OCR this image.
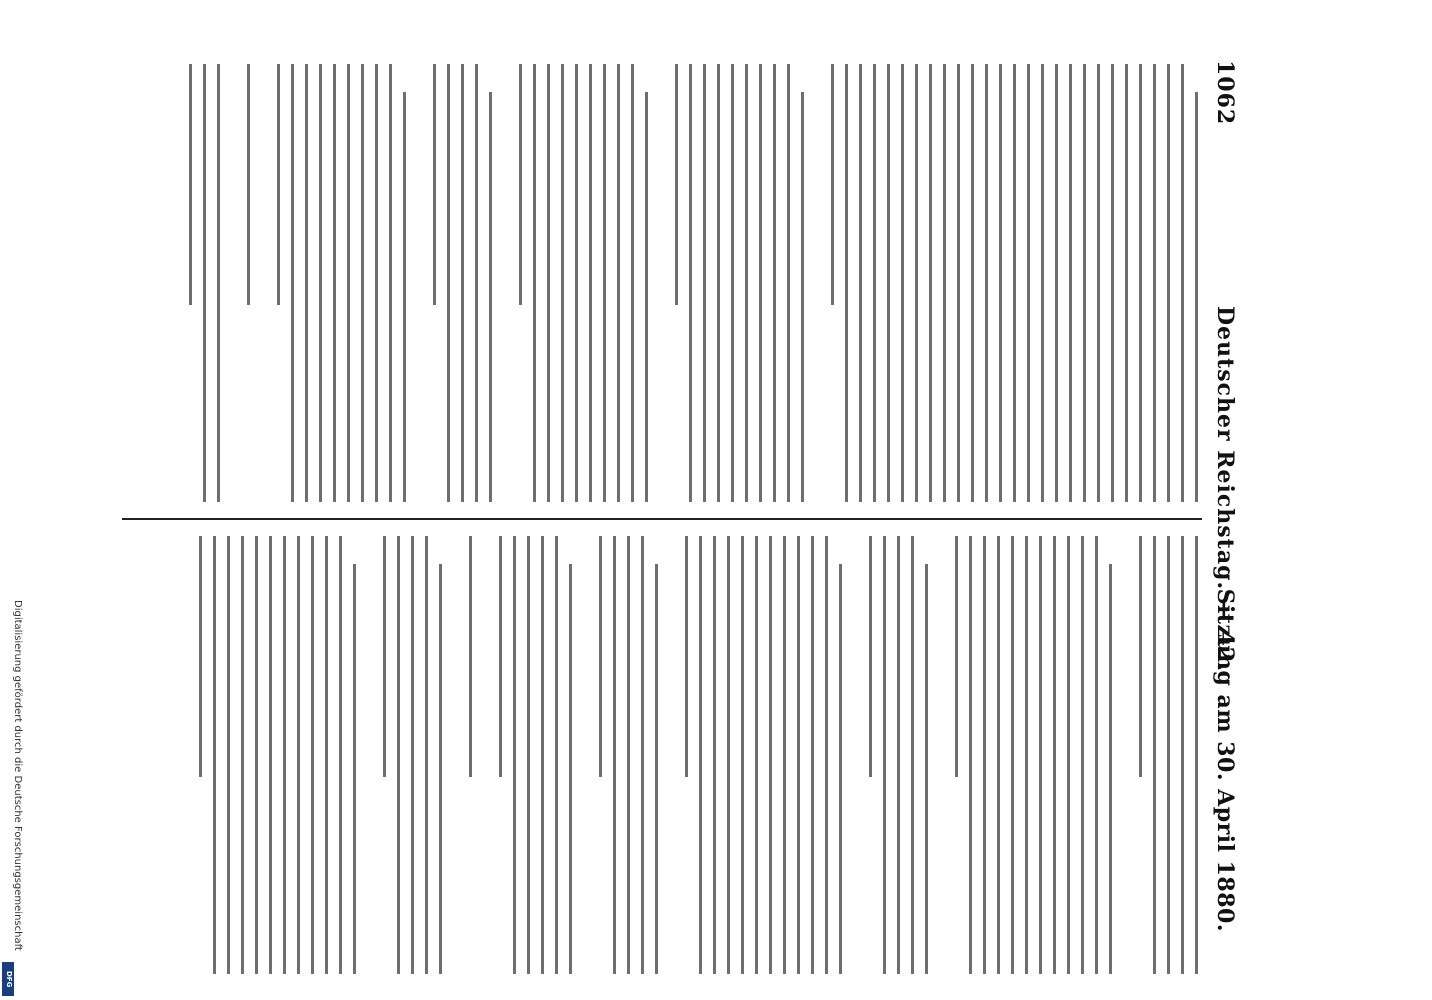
Digitalisierung gefördert durch die Deutsche Forschungsgemeinschaft
DFG
1062
Deutscher Reichstag. — 42.
Sitzung am 30. April 1880.
